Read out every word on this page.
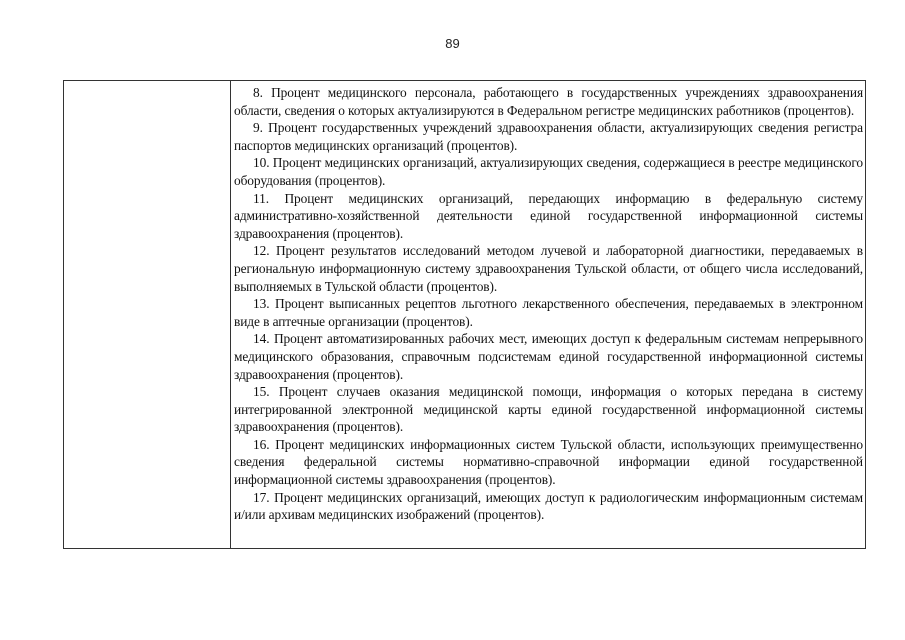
89

8. Процент медицинского персонала, работающего в государственных учреждениях здравоохранения области, сведения о которых актуализируются в Федеральном регистре медицинских работников (процентов).

9. Процент государственных учреждений здравоохранения области, актуализирующих сведения регистра паспортов медицинских организаций (процентов).

10. Процент медицинских организаций, актуализирующих сведения, содержащиеся в реестре медицинского оборудования (процентов).

11. Процент медицинских организаций, передающих информацию в федеральную систему административно-хозяйственной деятельности единой государственной информационной системы здравоохранения (процентов).

12. Процент результатов исследований методом лучевой и лабораторной диагностики, передаваемых в региональную информационную систему здравоохранения Тульской области, от общего числа исследований, выполняемых в Тульской области (процентов).

13. Процент выписанных рецептов льготного лекарственного обеспечения, передаваемых в электронном виде в аптечные организации (процентов).

14. Процент автоматизированных рабочих мест, имеющих доступ к федеральным системам непрерывного медицинского образования, справочным подсистемам единой государственной информационной системы здравоохранения (процентов).

15. Процент случаев оказания медицинской помощи, информация о которых передана в систему интегрированной электронной медицинской карты единой государственной информационной системы здравоохранения (процентов).

16. Процент медицинских информационных систем Тульской области, использующих преимущественно сведения федеральной системы нормативно-справочной информации единой государственной информационной системы здравоохранения (процентов).

17. Процент медицинских организаций, имеющих доступ к радиологическим информационным системам и/или архивам медицинских изображений (процентов).
